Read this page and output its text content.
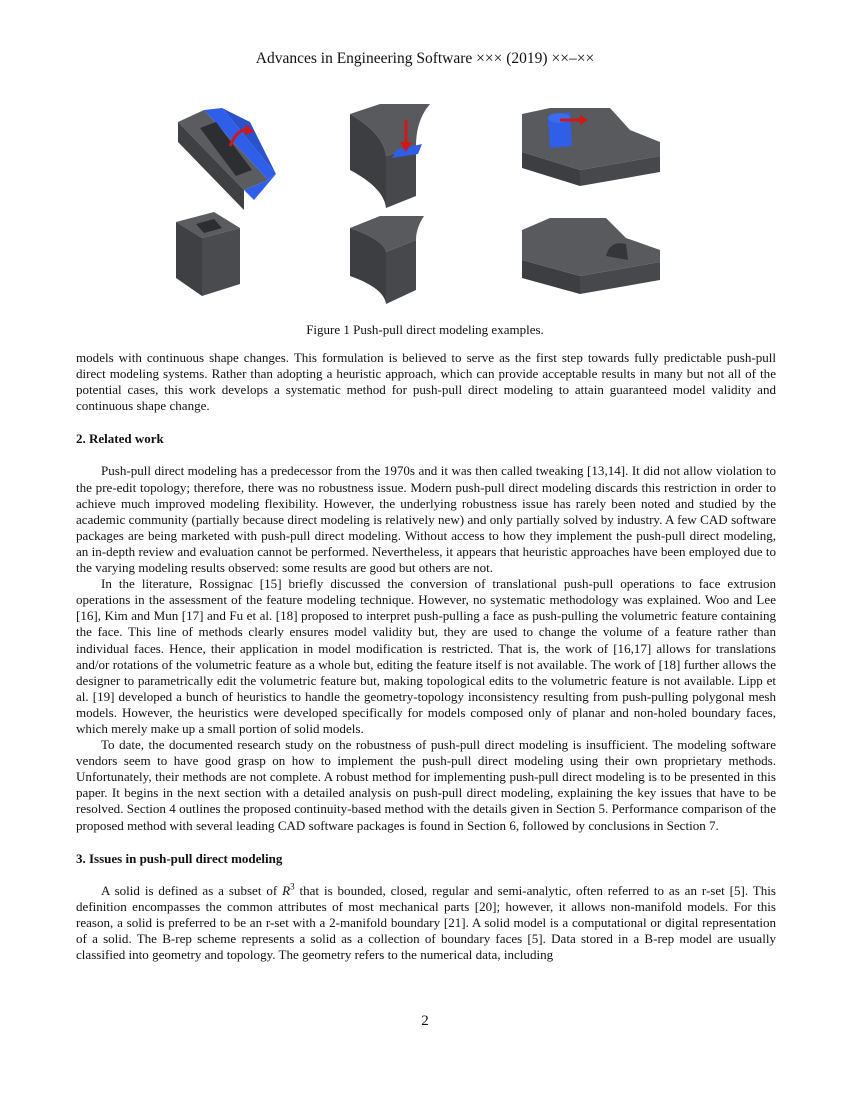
Advances in Engineering Software ××× (2019) ××–××
Figure 1 Push-pull direct modeling examples.

models with continuous shape changes. This formulation is believed to serve as the first step towards fully predictable push-pull direct modeling systems. Rather than adopting a heuristic approach, which can provide acceptable results in many but not all of the potential cases, this work develops a systematic method for push-pull direct modeling to attain guaranteed model validity and continuous shape change.

2. Related work

Push-pull direct modeling has a predecessor from the 1970s and it was then called tweaking [13,14]. It did not allow violation to the pre-edit topology; therefore, there was no robustness issue. Modern push-pull direct modeling discards this restriction in order to achieve much improved modeling flexibility. However, the underlying robustness issue has rarely been noted and studied by the academic community (partially because direct modeling is relatively new) and only partially solved by industry. A few CAD software packages are being marketed with push-pull direct modeling. Without access to how they implement the push-pull direct modeling, an in-depth review and evaluation cannot be performed. Nevertheless, it appears that heuristic approaches have been employed due to the varying modeling results observed: some results are good but others are not.

In the literature, Rossignac [15] briefly discussed the conversion of translational push-pull operations to face extrusion operations in the assessment of the feature modeling technique. However, no systematic methodology was explained. Woo and Lee [16], Kim and Mun [17] and Fu et al. [18] proposed to interpret push-pulling a face as push-pulling the volumetric feature containing the face. This line of methods clearly ensures model validity but, they are used to change the volume of a feature rather than individual faces. Hence, their application in model modification is restricted. That is, the work of [16,17] allows for translations and/or rotations of the volumetric feature as a whole but, editing the feature itself is not available. The work of [18] further allows the designer to parametrically edit the volumetric feature but, making topological edits to the volumetric feature is not available. Lipp et al. [19] developed a bunch of heuristics to handle the geometry-topology inconsistency resulting from push-pulling polygonal mesh models. However, the heuristics were developed specifically for models composed only of planar and non-holed boundary faces, which merely make up a small portion of solid models.

To date, the documented research study on the robustness of push-pull direct modeling is insufficient. The modeling software vendors seem to have good grasp on how to implement the push-pull direct modeling using their own proprietary methods. Unfortunately, their methods are not complete. A robust method for implementing push-pull direct modeling is to be presented in this paper. It begins in the next section with a detailed analysis on push-pull direct modeling, explaining the key issues that have to be resolved. Section 4 outlines the proposed continuity-based method with the details given in Section 5. Performance comparison of the proposed method with several leading CAD software packages is found in Section 6, followed by conclusions in Section 7.

3. Issues in push-pull direct modeling

A solid is defined as a subset of $R^3$ that is bounded, closed, regular and semi-analytic, often referred to as an r-set [5]. This definition encompasses the common attributes of most mechanical parts [20]; however, it allows non-manifold models. For this reason, a solid is preferred to be an r-set with a 2-manifold boundary [21]. A solid model is a computational or digital representation of a solid. The B-rep scheme represents a solid as a collection of boundary faces [5]. Data stored in a B-rep model are usually classified into geometry and topology. The geometry refers to the numerical data, including

2
